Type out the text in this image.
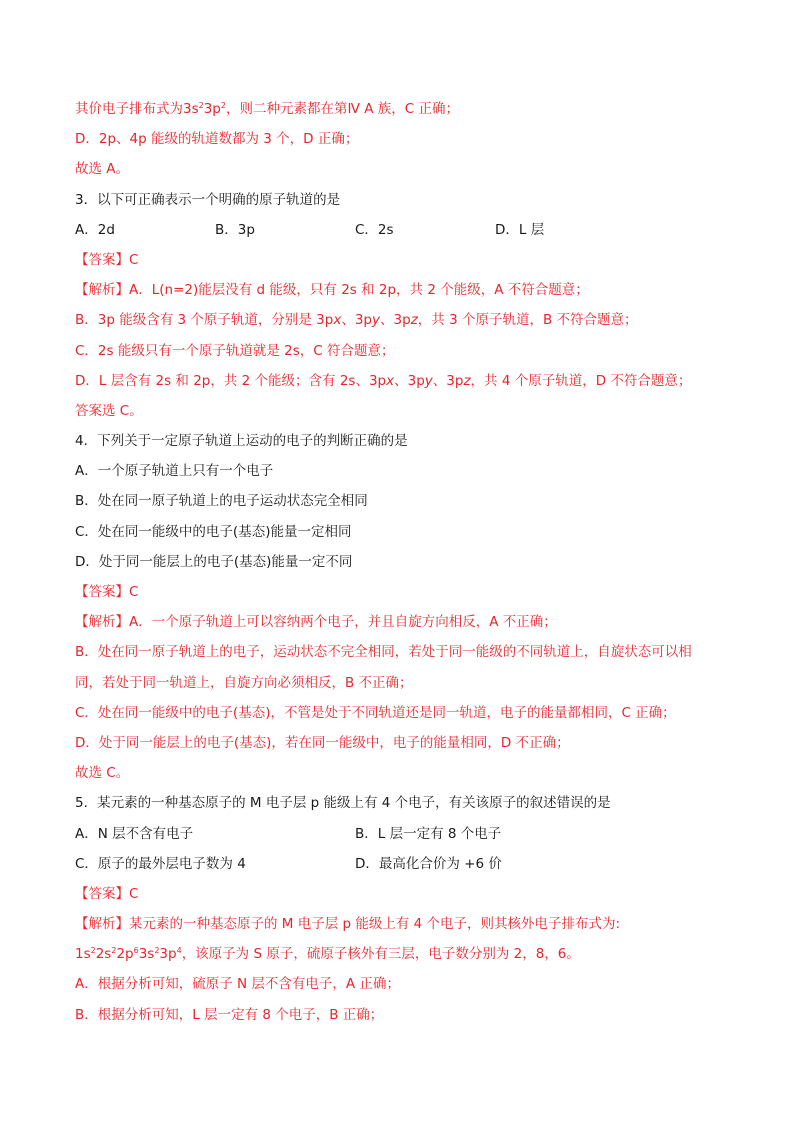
其价电子排布式为$3s^23p^2$，则二种元素都在第Ⅳ A 族，C 正确；
D．2p、4p 能级的轨道数都为 3 个，D 正确；
故选 A。
3．以下可正确表示一个明确的原子轨道的是
A．2d	B．3p	C．2s	D．L 层
【答案】C
【解析】A．L(n=2)能层没有 d 能级，只有 2s 和 2p，共 2 个能级，A 不符合题意；
B．3p 能级含有 3 个原子轨道，分别是 3px、3py、3pz，共 3 个原子轨道，B 不符合题意；
C．2s 能级只有一个原子轨道就是 2s，C 符合题意；
D．L 层含有 2s 和 2p，共 2 个能级；含有 2s、3px、3py、3pz，共 4 个原子轨道，D 不符合题意；
答案选 C。
4．下列关于一定原子轨道上运动的电子的判断正确的是
A．一个原子轨道上只有一个电子
B．处在同一原子轨道上的电子运动状态完全相同
C．处在同一能级中的电子(基态)能量一定相同
D．处于同一能层上的电子(基态)能量一定不同
【答案】C
【解析】A．一个原子轨道上可以容纳两个电子，并且自旋方向相反，A 不正确；
B．处在同一原子轨道上的电子，运动状态不完全相同，若处于同一能级的不同轨道上，自旋状态可以相
同，若处于同一轨道上，自旋方向必须相反，B 不正确；
C．处在同一能级中的电子(基态)，不管是处于不同轨道还是同一轨道，电子的能量都相同，C 正确；
D．处于同一能层上的电子(基态)，若在同一能级中，电子的能量相同，D 不正确；
故选 C。
5．某元素的一种基态原子的 M 电子层 p 能级上有 4 个电子，有关该原子的叙述错误的是
A．N 层不含有电子	B．L 层一定有 8 个电子
C．原子的最外层电子数为 4	D．最高化合价为 +6 价
【答案】C
【解析】某元素的一种基态原子的 M 电子层 p 能级上有 4 个电子，则其核外电子排布式为:
$1s^22s^22p^63s^23p^4$，该原子为 S 原子，硫原子核外有三层，电子数分别为 2，8，6。
A．根据分析可知，硫原子 N 层不含有电子，A 正确；
B．根据分析可知，L 层一定有 8 个电子，B 正确；
